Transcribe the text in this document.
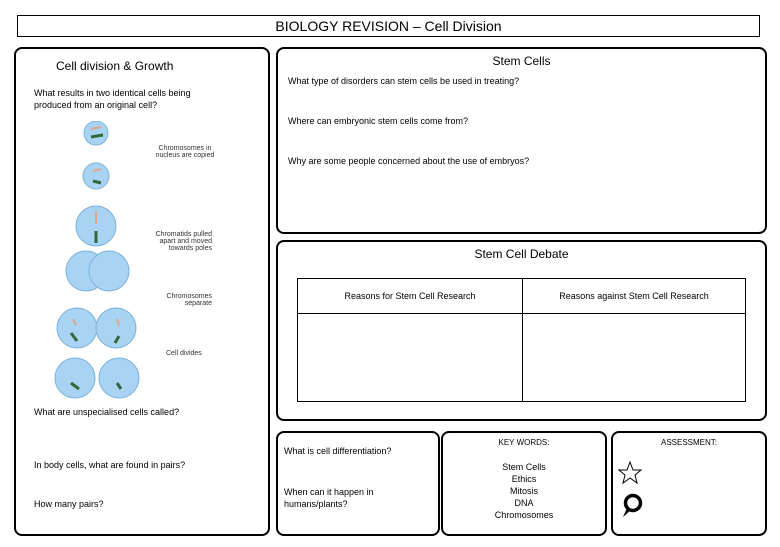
BIOLOGY REVISION – Cell Division
Cell division & Growth
What results in two identical cells being produced from an original cell?
Chromosomes in nucleus are copied
Chromatids pulled apart and moved towards poles
Chromosomes separate
Cell divides
What are unspecialised cells called?
In body cells, what are found in pairs?
How many pairs?
Stem Cells
What type of disorders can stem cells be used in treating?
Where can embryonic stem cells come from?
Why are some people concerned about the use of embryos?
Stem Cell Debate
Reasons for Stem Cell Research	Reasons against Stem Cell Research
What is cell differentiation?
When can it happen in humans/plants?
KEY WORDS:
Stem Cells
Ethics
Mitosis
DNA
Chromosomes
ASSESSMENT:
